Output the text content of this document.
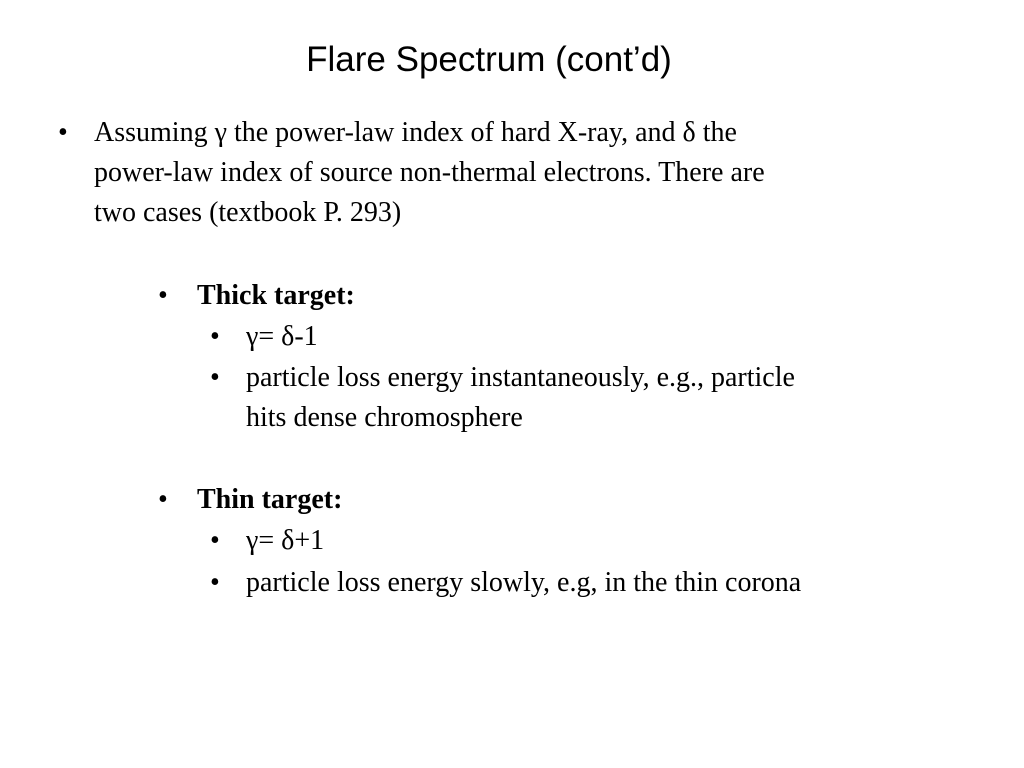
Flare Spectrum (cont’d)
• Assuming γ the power-law index of hard X-ray, and δ the
power-law index of source non-thermal electrons. There are
two cases (textbook P. 293)
• Thick target:
• γ= δ-1
• particle loss energy instantaneously, e.g., particle
hits dense chromosphere
• Thin target:
• γ= δ+1
• particle loss energy slowly, e.g, in the thin corona
